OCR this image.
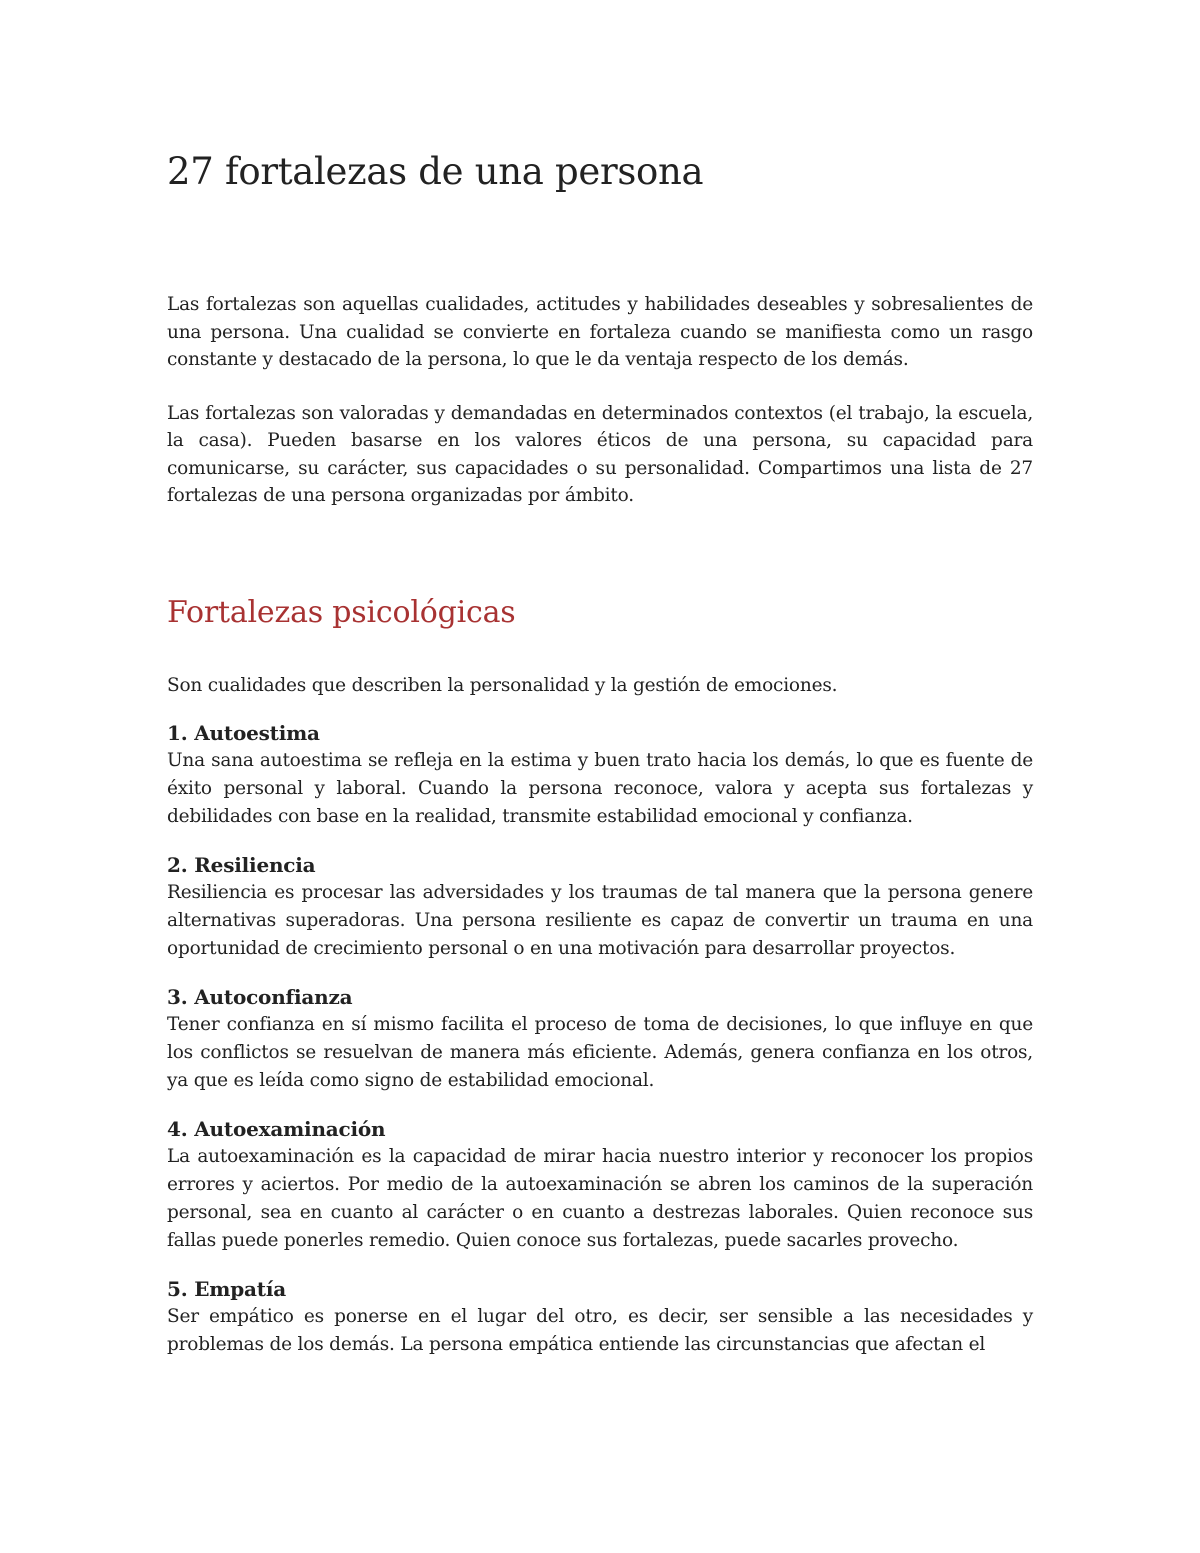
27 fortalezas de una persona

Las fortalezas son aquellas cualidades, actitudes y habilidades deseables y sobresalientes de una persona. Una cualidad se convierte en fortaleza cuando se manifiesta como un rasgo constante y destacado de la persona, lo que le da ventaja respecto de los demás.

Las fortalezas son valoradas y demandadas en determinados contextos (el trabajo, la escuela, la casa). Pueden basarse en los valores éticos de una persona, su capacidad para comunicarse, su carácter, sus capacidades o su personalidad. Compartimos una lista de 27 fortalezas de una persona organizadas por ámbito.

Fortalezas psicológicas

Son cualidades que describen la personalidad y la gestión de emociones.

1. Autoestima

Una sana autoestima se refleja en la estima y buen trato hacia los demás, lo que es fuente de éxito personal y laboral. Cuando la persona reconoce, valora y acepta sus fortalezas y debilidades con base en la realidad, transmite estabilidad emocional y confianza.

2. Resiliencia

Resiliencia es procesar las adversidades y los traumas de tal manera que la persona genere alternativas superadoras. Una persona resiliente es capaz de convertir un trauma en una oportunidad de crecimiento personal o en una motivación para desarrollar proyectos.

3. Autoconfianza

Tener confianza en sí mismo facilita el proceso de toma de decisiones, lo que influye en que los conflictos se resuelvan de manera más eficiente. Además, genera confianza en los otros, ya que es leída como signo de estabilidad emocional.

4. Autoexaminación

La autoexaminación es la capacidad de mirar hacia nuestro interior y reconocer los propios errores y aciertos. Por medio de la autoexaminación se abren los caminos de la superación personal, sea en cuanto al carácter o en cuanto a destrezas laborales. Quien reconoce sus fallas puede ponerles remedio. Quien conoce sus fortalezas, puede sacarles provecho.

5. Empatía

Ser empático es ponerse en el lugar del otro, es decir, ser sensible a las necesidades y problemas de los demás. La persona empática entiende las circunstancias que afectan el
